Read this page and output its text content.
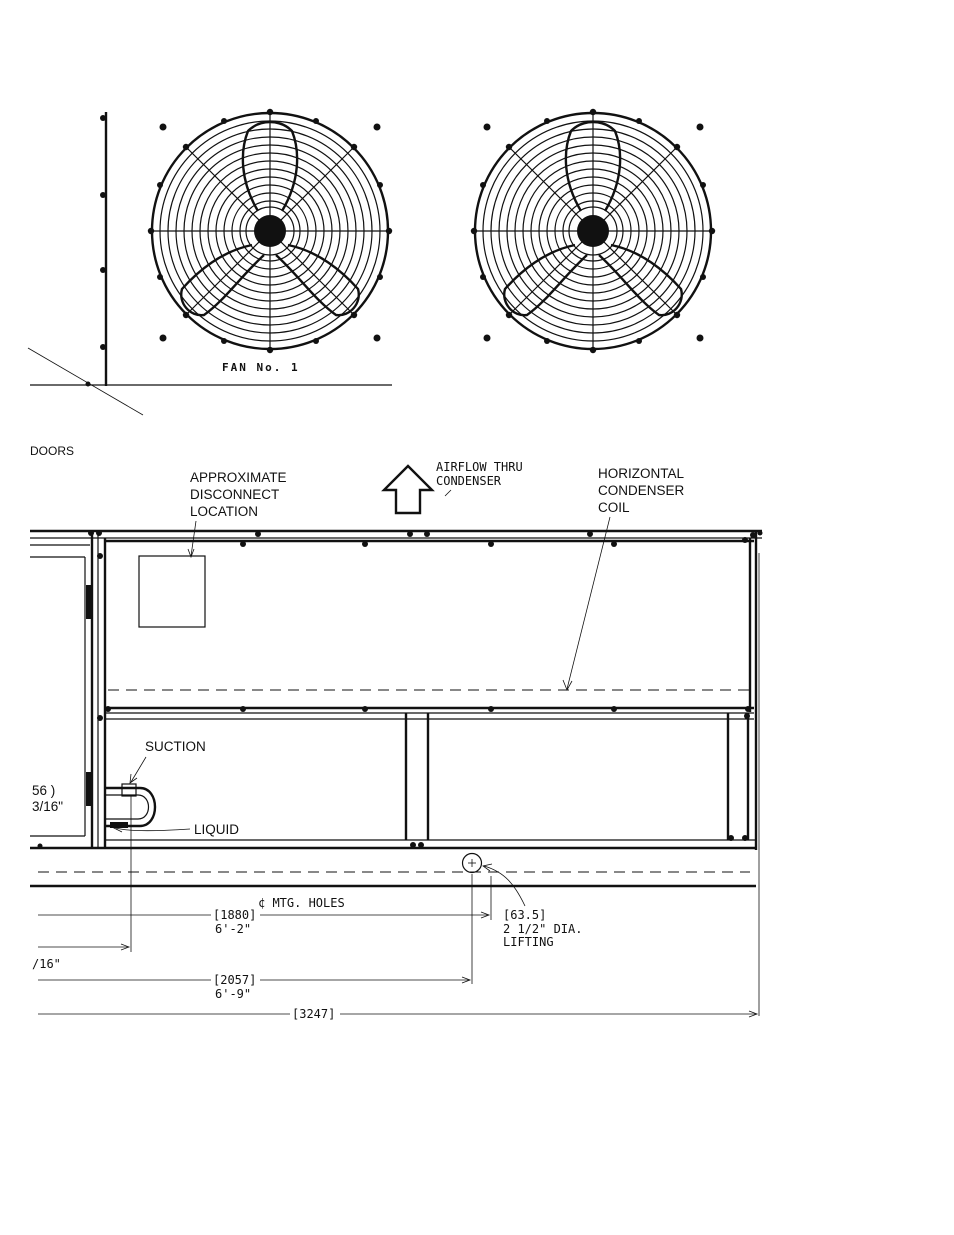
FAN No. 1
DOORS
APPROXIMATE
DISCONNECT
LOCATION
AIRFLOW THRU
CONDENSER	HORIZONTAL
CONDENSER
COIL
SUCTION
LIQUID
56 )
3/16"
¢ MTG. HOLES
[1880]
6'-2"
[63.5]
2 1/2" DIA.
LIFTING
/16"
[2057]
6'-9"
[3247]
